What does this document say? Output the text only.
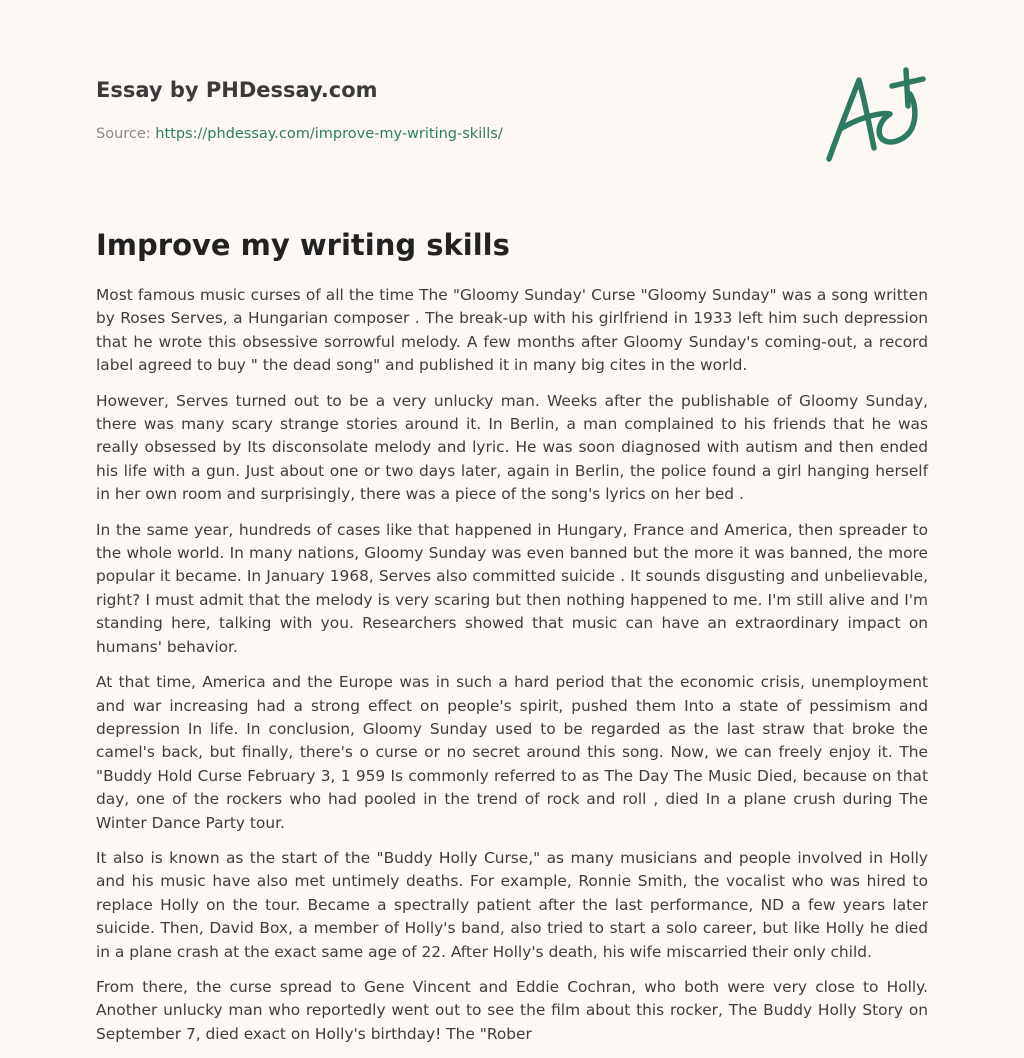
Essay by PHDessay.com
Source: https://phdessay.com/improve-my-writing-skills/
Improve my writing skills

Most famous music curses of all the time The "Gloomy Sunday' Curse "Gloomy Sunday" was a song written by Roses Serves, a Hungarian composer . The break-up with his girlfriend in 1933 left him such depression that he wrote this obsessive sorrowful melody. A few months after Gloomy Sunday's coming-out, a record label agreed to buy " the dead song" and published it in many big cites in the world.

However, Serves turned out to be a very unlucky man. Weeks after the publishable of Gloomy Sunday, there was many scary strange stories around it. In Berlin, a man complained to his friends that he was really obsessed by Its disconsolate melody and lyric. He was soon diagnosed with autism and then ended his life with a gun. Just about one or two days later, again in Berlin, the police found a girl hanging herself in her own room and surprisingly, there was a piece of the song's lyrics on her bed .

In the same year, hundreds of cases like that happened in Hungary, France and America, then spreader to the whole world. In many nations, Gloomy Sunday was even banned but the more it was banned, the more popular it became. In January 1968, Serves also committed suicide . It sounds disgusting and unbelievable, right? I must admit that the melody is very scaring but then nothing happened to me. I'm still alive and I'm standing here, talking with you. Researchers showed that music can have an extraordinary impact on humans' behavior.

At that time, America and the Europe was in such a hard period that the economic crisis, unemployment and war increasing had a strong effect on people's spirit, pushed them Into a state of pessimism and depression In life. In conclusion, Gloomy Sunday used to be regarded as the last straw that broke the camel's back, but finally, there's o curse or no secret around this song. Now, we can freely enjoy it. The "Buddy Hold Curse February 3, 1 959 Is commonly referred to as The Day The Music Died, because on that day, one of the rockers who had pooled in the trend of rock and roll , died In a plane crush during The Winter Dance Party tour.

It also is known as the start of the "Buddy Holly Curse," as many musicians and people involved in Holly and his music have also met untimely deaths. For example, Ronnie Smith, the vocalist who was hired to replace Holly on the tour. Became a spectrally patient after the last performance, ND a few years later suicide. Then, David Box, a member of Holly's band, also tried to start a solo career, but like Holly he died in a plane crash at the exact same age of 22. After Holly's death, his wife miscarried their only child.

From there, the curse spread to Gene Vincent and Eddie Cochran, who both were very close to Holly. Another unlucky man who reportedly went out to see the film about this rocker, The Buddy Holly Story on September 7, died exact on Holly's birthday! The "Rober
